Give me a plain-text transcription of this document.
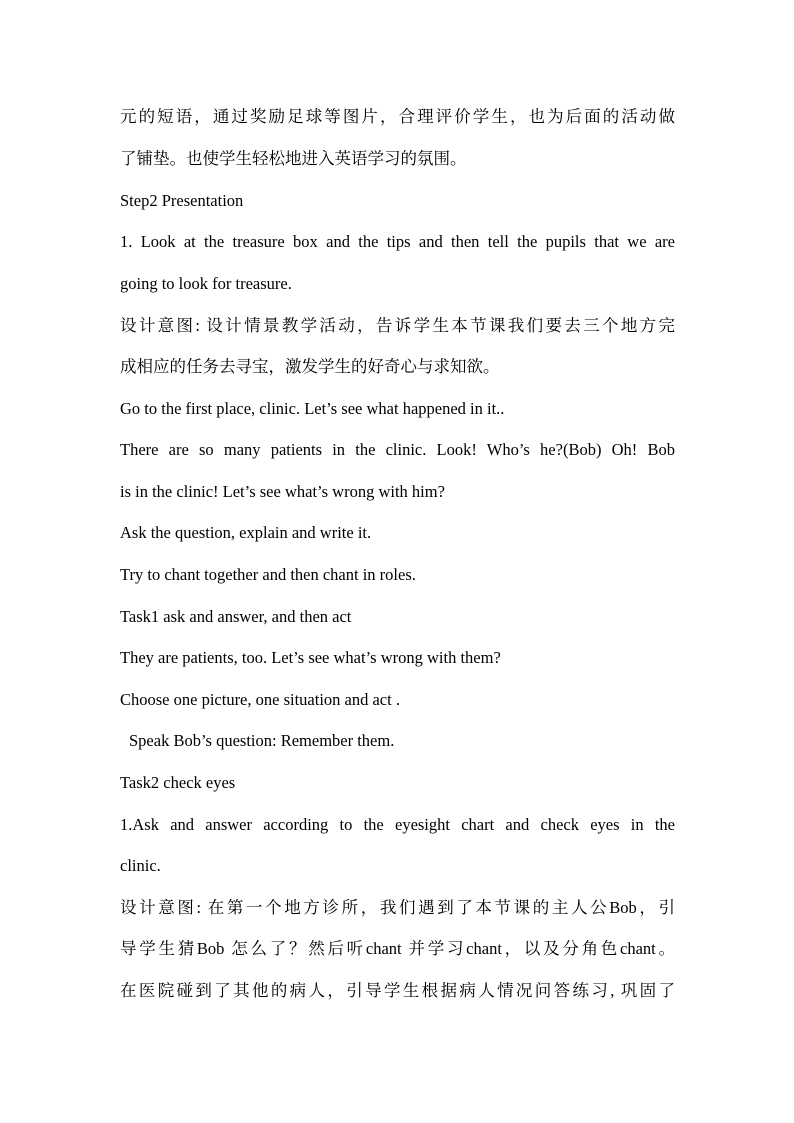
元的短语，通过奖励足球等图片，合理评价学生，也为后面的活动做
了铺垫。也使学生轻松地进入英语学习的氛围。
Step2 Presentation
1. Look at the treasure box and the tips and then tell the pupils that we are
going to look for treasure.
设计意图: 设计情景教学活动，告诉学生本节课我们要去三个地方完
成相应的任务去寻宝，激发学生的好奇心与求知欲。
Go to the first place, clinic. Let’s see what happened in it..
There are so many patients in the clinic. Look! Who’s he?(Bob) Oh! Bob
is in the clinic! Let’s see what’s wrong with him?
Ask the question, explain and write it.
Try to chant together and then chant in roles.
Task1 ask and answer, and then act
They are patients, too. Let’s see what’s wrong with them?
Choose one picture, one situation and act .
Speak Bob’s question: Remember them.
Task2 check eyes
1.Ask and answer according to the eyesight chart and check eyes in the
clinic.
设计意图: 在第一个地方诊所，我们遇到了本节课的主人公Bob，引
导学生猜Bob 怎么了？然后听chant 并学习chant，以及分角色chant。
在医院碰到了其他的病人，引导学生根据病人情况问答练习, 巩固了
